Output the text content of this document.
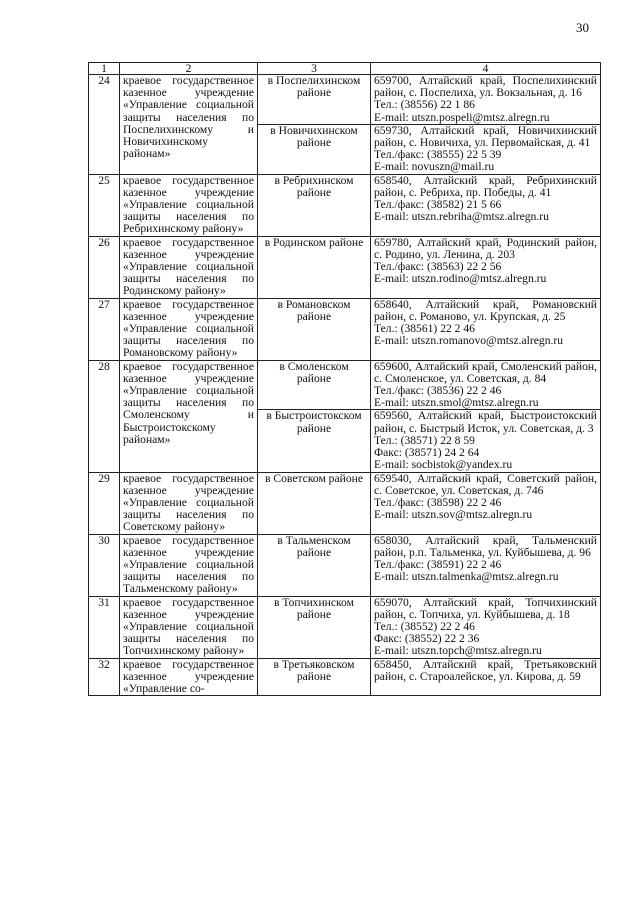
30
1	2	3	4
24	краевое государственное казенное учреждение «Управление социальной защиты населения по Поспелихинскому и Новичихинскому районам»	в Поспелихинском районе	659700, Алтайский край, Поспелихинский район, с. Поспелиха, ул. Вокзальная, д. 16
Тел.: (38556) 22 1 86
E-mail: utszn.pospeli@mtsz.alregn.ru

		в Новичихинском районе	659730, Алтайский край, Новичихинский район, с. Новичиха, ул. Первомайская, д. 41
Тел./факс: (38555) 22 5 39
E-mail: novuszn@mail.ru

25	краевое государственное казенное учреждение «Управление социальной защиты населения по Ребрихинскому району»	в Ребрихинском районе	658540, Алтайский край, Ребрихинский район, с. Ребриха, пр. Победы, д. 41
Тел./факс: (38582) 21 5 66
E-mail: utszn.rebriha@mtsz.alregn.ru

26	краевое государственное казенное учреждение «Управление социальной защиты населения по Родинскому району»	в Родинском районе	659780, Алтайский край, Родинский район, с. Родино, ул. Ленина, д. 203
Тел./факс: (38563) 22 2 56
E-mail: utszn.rodino@mtsz.alregn.ru

27	краевое государственное казенное учреждение «Управление социальной защиты населения по Романовскому району»	в Романовском районе	658640, Алтайский край, Романовский район, с. Романово, ул. Крупская, д. 25
Тел.: (38561) 22 2 46
E-mail: utszn.romanovo@mtsz.alregn.ru

28	краевое государственное казенное учреждение «Управление социальной защиты населения по Смоленскому и Быстроистокскому районам»	в Смоленском районе	659600, Алтайский край, Смоленский район, с. Смоленское, ул. Советская, д. 84
Тел./факс: (38536) 22 2 46
E-mail: utszn.smol@mtsz.alregn.ru

		в Быстроистокском районе	659560, Алтайский край, Быстроистокский район, с. Быстрый Исток, ул. Советская, д. 3
Тел.: (38571) 22 8 59
Факс: (38571) 24 2 64
E-mail: socbistok@yandex.ru

29	краевое государственное казенное учреждение «Управление социальной защиты населения по Советскому району»	в Советском районе	659540, Алтайский край, Советский район, с. Советское, ул. Советская, д. 746
Тел./факс: (38598) 22 2 46
E-mail: utszn.sov@mtsz.alregn.ru

30	краевое государственное казенное учреждение «Управление социальной защиты населения по Тальменскому району»	в Тальменском районе	658030, Алтайский край, Тальменский район, р.п. Тальменка, ул. Куйбышева, д. 96
Тел./факс: (38591) 22 2 46
E-mail: utszn.talmenka@mtsz.alregn.ru

31	краевое государственное казенное учреждение «Управление социальной защиты населения по Топчихинскому району»	в Топчихинском районе	659070, Алтайский край, Топчихинский район, с. Топчиха, ул. Куйбышева, д. 18
Тел.: (38552) 22 2 46
Факс: (38552) 22 2 36
E-mail: utszn.topch@mtsz.alregn.ru

32	краевое государственное казенное учреждение «Управление со-	в Третьяковском районе	658450, Алтайский край, Третьяковский район, с. Староалейское, ул. Кирова, д. 59
